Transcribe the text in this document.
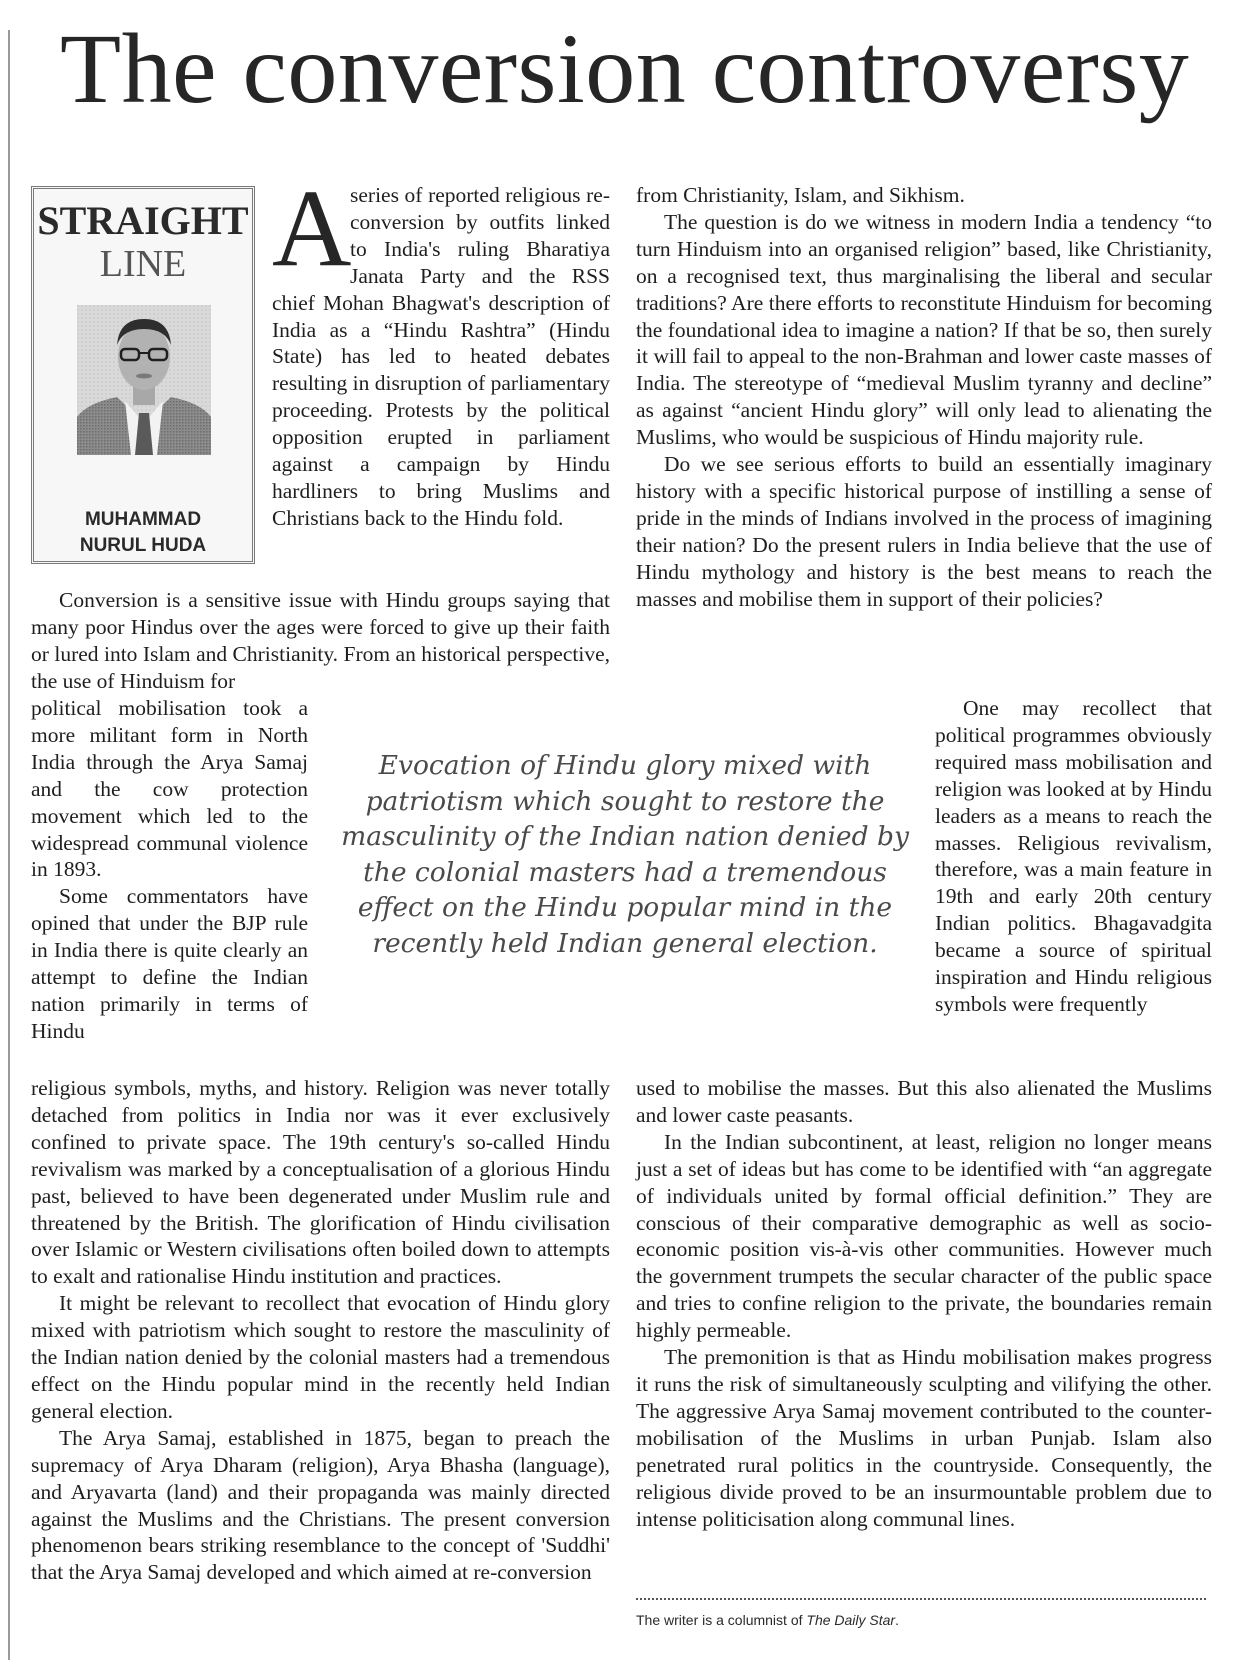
The conversion controversy
STRAIGHT
LINE
MUHAMMAD
NURUL HUDA
A

series of reported religious re-conversion by outfits linked to India's ruling Bharatiya Janata Party and the RSS chief Mohan Bhagwat's description of India as a “Hindu Rashtra” (Hindu State) has led to heated debates resulting in disruption of parliamentary proceeding. Protests by the political opposition erupted in parliament against a campaign by Hindu hardliners to bring Muslims and Christians back to the Hindu fold.

Conversion is a sensitive issue with Hindu groups saying that many poor Hindus over the ages were forced to give up their faith or lured into Islam and Christianity. From an historical perspective, the use of Hinduism for

political mobilisation took a more militant form in North India through the Arya Samaj and the cow protection movement which led to the widespread communal violence in 1893.

Some commentators have opined that under the BJP rule in India there is quite clearly an attempt to define the Indian nation primarily in terms of Hindu

religious symbols, myths, and history. Religion was never totally detached from politics in India nor was it ever exclusively confined to private space. The 19th century's so-called Hindu revivalism was marked by a conceptualisation of a glorious Hindu past, believed to have been degenerated under Muslim rule and threatened by the British. The glorification of Hindu civilisation over Islamic or Western civilisations often boiled down to attempts to exalt and rationalise Hindu institution and practices.

It might be relevant to recollect that evocation of Hindu glory mixed with patriotism which sought to restore the masculinity of the Indian nation denied by the colonial masters had a tremendous effect on the Hindu popular mind in the recently held Indian general election.

The Arya Samaj, established in 1875, began to preach the supremacy of Arya Dharam (religion), Arya Bhasha (language), and Aryavarta (land) and their propaganda was mainly directed against the Muslims and the Christians. The present conversion phenomenon bears striking resemblance to the concept of 'Suddhi' that the Arya Samaj developed and which aimed at re-conversion

from Christianity, Islam, and Sikhism.

The question is do we witness in modern India a tendency “to turn Hinduism into an organised religion” based, like Christianity, on a recognised text, thus marginalising the liberal and secular traditions? Are there efforts to reconstitute Hinduism for becoming the foundational idea to imagine a nation? If that be so, then surely it will fail to appeal to the non-Brahman and lower caste masses of India. The stereotype of “medieval Muslim tyranny and decline” as against “ancient Hindu glory” will only lead to alienating the Muslims, who would be suspicious of Hindu majority rule.

Do we see serious efforts to build an essentially imaginary history with a specific historical purpose of instilling a sense of pride in the minds of Indians involved in the process of imagining their nation? Do the present rulers in India believe that the use of Hindu mythology and history is the best means to reach the masses and mobilise them in support of their policies?

One may recollect that political programmes obviously required mass mobilisation and religion was looked at by Hindu leaders as a means to reach the masses. Religious revivalism, therefore, was a main feature in 19th and early 20th century Indian politics. Bhagavadgita became a source of spiritual inspiration and Hindu religious symbols were frequently

used to mobilise the masses. But this also alienated the Muslims and lower caste peasants.

In the Indian subcontinent, at least, religion no longer means just a set of ideas but has come to be identified with “an aggregate of individuals united by formal official definition.” They are conscious of their comparative demographic as well as socio-economic position vis-à-vis other communities. However much the government trumpets the secular character of the public space and tries to confine religion to the private, the boundaries remain highly permeable.

The premonition is that as Hindu mobilisation makes progress it runs the risk of simultaneously sculpting and vilifying the other. The aggressive Arya Samaj movement contributed to the counter-mobilisation of the Muslims in urban Punjab. Islam also penetrated rural politics in the countryside. Consequently, the religious divide proved to be an insurmountable problem due to intense politicisation along communal lines.

Evocation of Hindu glory mixed with patriotism which sought to restore the masculinity of the Indian nation denied by the colonial masters had a tremendous effect on the Hindu popular mind in the recently held Indian general election.
The writer is a columnist of The Daily Star.
